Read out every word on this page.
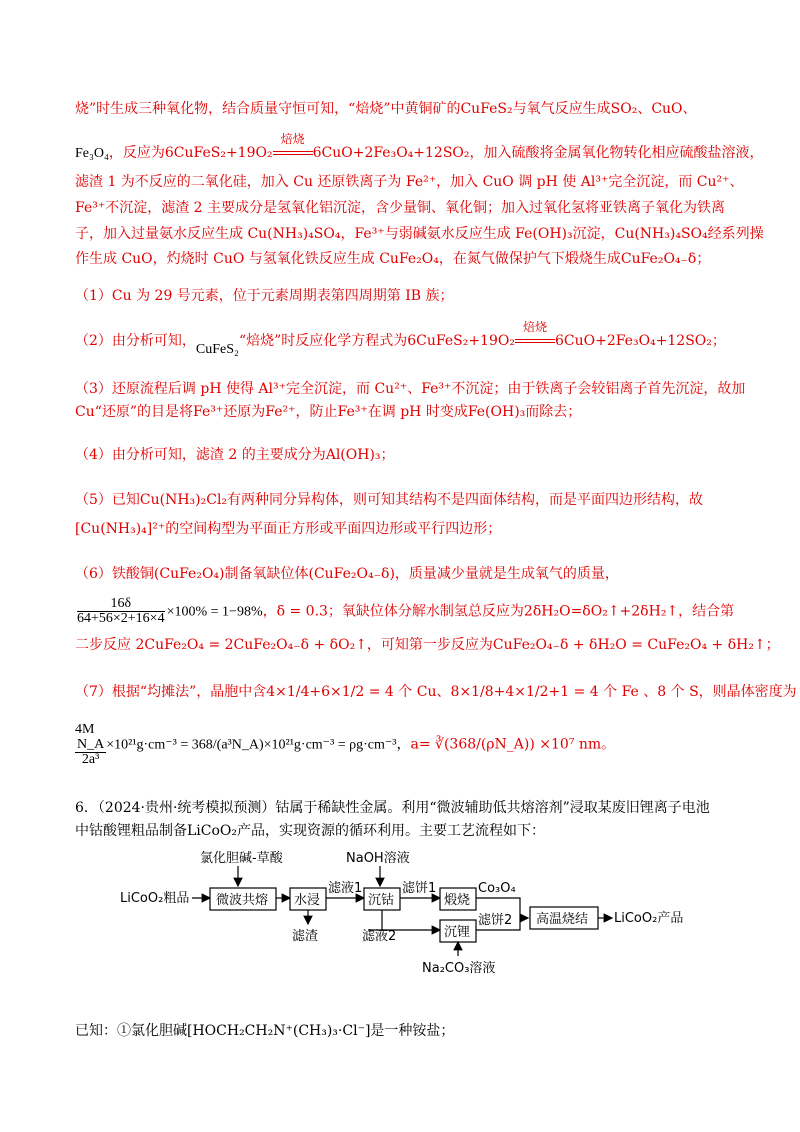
烧”时生成三种氧化物，结合质量守恒可知，“焙烧”中黄铜矿的CuFeS₂与氧气反应生成SO₂、CuO、
Fe₃O₄，反应为6CuFeS₂+19O₂
焙烧
6CuO+2Fe₃O₄+12SO₂，加入硫酸将金属氧化物转化相应硫酸盐溶液，
滤渣 1 为不反应的二氧化硅，加入 Cu 还原铁离子为 Fe²⁺，加入 CuO 调 pH 使 Al³⁺完全沉淀，而 Cu²⁺、
Fe³⁺不沉淀，滤渣 2 主要成分是氢氧化铝沉淀，含少量铜、氧化铜；加入过氧化氢将亚铁离子氧化为铁离
子，加入过量氨水反应生成 Cu(NH₃)₄SO₄，Fe³⁺与弱碱氨水反应生成 Fe(OH)₃沉淀，Cu(NH₃)₄SO₄经系列操
作生成 CuO，灼烧时 CuO 与氢氧化铁反应生成 CuFe₂O₄，在氮气做保护气下煅烧生成CuFe₂O₄₋δ；
（1）Cu 为 29 号元素，位于元素周期表第四周期第 IB 族；
（2）由分析可知，CuFeS₂“焙烧”时反应化学方程式为6CuFeS₂+19O₂
焙烧
6CuO+2Fe₃O₄+12SO₂；
（3）还原流程后调 pH 使得 Al³⁺完全沉淀，而 Cu²⁺、Fe³⁺不沉淀；由于铁离子会较铝离子首先沉淀，故加
Cu“还原”的目是将Fe³⁺还原为Fe²⁺，防止Fe³⁺在调 pH 时变成Fe(OH)₃而除去；
（4）由分析可知，滤渣 2 的主要成分为Al(OH)₃；
（5）已知Cu(NH₃)₂Cl₂有两种同分异构体，则可知其结构不是四面体结构，而是平面四边形结构，故
[Cu(NH₃)₄]²⁺的空间构型为平面正方形或平面四边形或平行四边形；
（6）铁酸铜(CuFe₂O₄)制备氧缺位体(CuFe₂O₄₋δ)，质量减少量就是生成氧气的质量，
$\frac{16\delta}{64+56\times 2+16\times 4} \times 100\% = 1-98\%$，δ = 0.3；氧缺位体分解水制氢总反应为2δH₂O=δO₂↑+2δH₂↑，结合第
二步反应 2CuFe₂O₄ = 2CuFe₂O₄₋δ + δO₂↑，可知第一步反应为CuFe₂O₄₋δ + δH₂O = CuFe₂O₄ + δH₂↑；
（7）根据“均摊法”，晶胞中含4×1/4+6×1/2 = 4 个 Cu、8×1/8+4×1/2+1 = 4 个 Fe 、8 个 S，则晶体密度为
4M
$\frac{N\_A}{\text{2a³}} \times 10^{21}g\cdot cm^{-3}$ = 368/(a³N_A)×10²¹g·cm⁻³ = ρg·cm⁻³，a= ∛(368/(ρN_A)) ×10⁷ nm。
6．（2024·贵州·统考模拟预测）钴属于稀缺性金属。利用“微波辅助低共熔溶剂”浸取某废旧锂离子电池
中钴酸锂粗品制备LiCoO₂产品，实现资源的循环利用。主要工艺流程如下：
氯化胆碱-草酸	NaOH溶液
LiCoO₂粗品 微波共熔 水浸
滤渣
滤液1
沉钴
滤饼1
煅烧
Co₃O₄
滤液2	沉锂
滤饼2
Na₂CO₃溶液
高温烧结 LiCoO₂产品
已知：①氯化胆碱[HOCH₂CH₂N⁺(CH₃)₃·Cl⁻]是一种铵盐；
